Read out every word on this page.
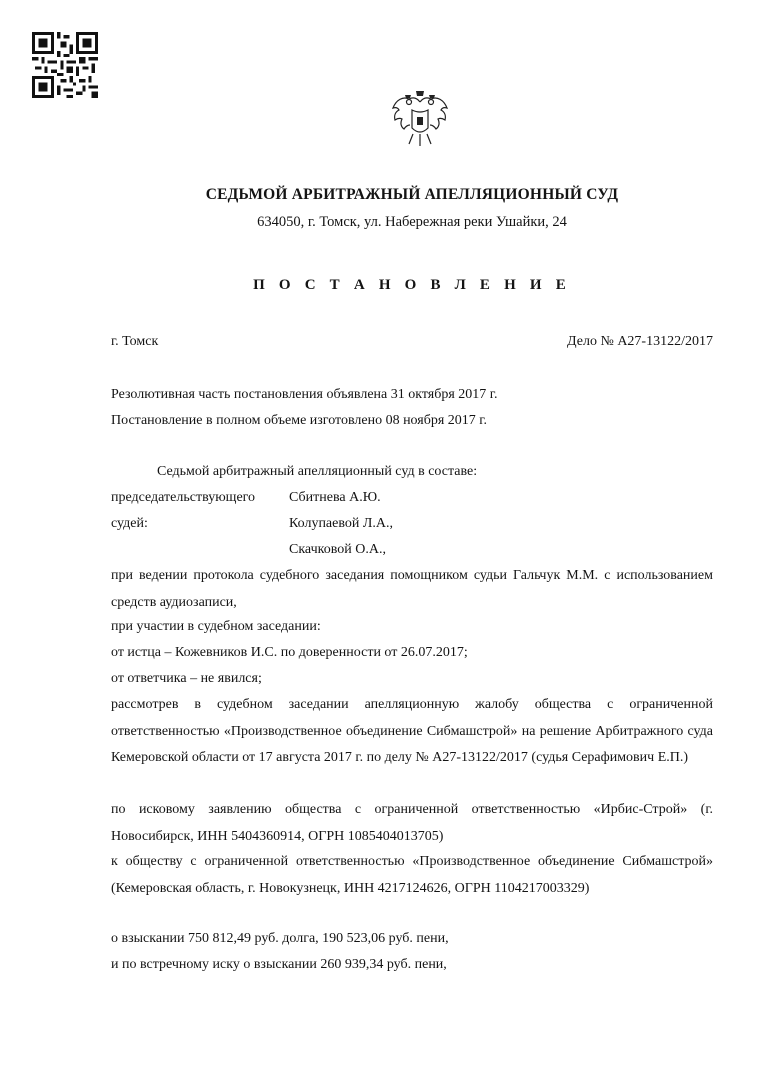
СЕДЬМОЙ АРБИТРАЖНЫЙ АПЕЛЛЯЦИОННЫЙ СУД
634050, г. Томск, ул. Набережная реки Ушайки, 24
П О С Т А Н О В Л Е Н И Е
г. Томск	Дело № А27-13122/2017
Резолютивная часть постановления объявлена 31 октября 2017 г.
Постановление в полном объеме изготовлено 08 ноября 2017 г.
Седьмой арбитражный апелляционный суд в составе:
председательствующего Сбитнева А.Ю.
судей:	Колупаевой Л.А.,
Скачковой О.А.,
при ведении протокола судебного заседания помощником судьи Гальчук М.М. с использованием средств аудиозаписи,
при участии в судебном заседании:
от истца – Кожевников И.С. по доверенности от 26.07.2017;
от ответчика – не явился;
рассмотрев в судебном заседании апелляционную жалобу общества с ограниченной ответственностью «Производственное объединение Сибмашстрой» на решение Арбитражного суда Кемеровской области от 17 августа 2017 г. по делу № А27-13122/2017 (судья Серафимович Е.П.)
по исковому заявлению общества с ограниченной ответственностью «Ирбис-Строй» (г. Новосибирск, ИНН 5404360914, ОГРН 1085404013705)
к обществу с ограниченной ответственностью «Производственное объединение Сибмашстрой» (Кемеровская область, г. Новокузнецк, ИНН 4217124626, ОГРН 1104217003329)
о взыскании 750 812,49 руб. долга, 190 523,06 руб. пени,
и по встречному иску о взыскании 260 939,34 руб. пени,
